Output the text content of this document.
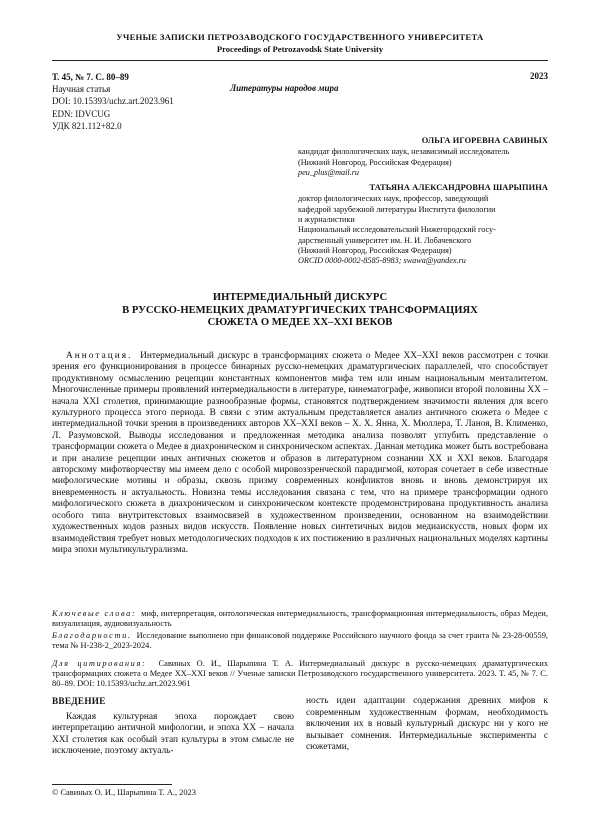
УЧЕНЫЕ ЗАПИСКИ ПЕТРОЗАВОДСКОГО ГОСУДАРСТВЕННОГО УНИВЕРСИТЕТА
Proceedings of Petrozavodsk State University
Т. 45, № 7. С. 80–89
Научная статья
DOI: 10.15393/uchz.art.2023.961
EDN: IDVCUG
УДК 821.112+82.0
2023
Литературы народов мира
ОЛЬГА ИГОРЕВНА САВИНЫХ
кандидат филологических наук, независимый исследователь
(Нижний Новгород, Российская Федерация)
peu_plus@mail.ru
ТАТЬЯНА АЛЕКСАНДРОВНА ШАРЫПИНА
доктор филологических наук, профессор, заведующий
кафедрой зарубежной литературы Института филологии
и журналистики
Национальный исследовательский Нижегородский госу-
дарственный университет им. Н. И. Лобачевского
(Нижний Новгород, Российская Федерация)
ORCID 0000-0002-8585-8983; swawa@yandex.ru
ИНТЕРМЕДИАЛЬНЫЙ ДИСКУРС
В РУССКО-НЕМЕЦКИХ ДРАМАТУРГИЧЕСКИХ ТРАНСФОРМАЦИЯХ
СЮЖЕТА О МЕДЕЕ XX–XXI ВЕКОВ

Аннотация. Интермедиальный дискурс в трансформациях сюжета о Медее XX–XXI веков рассмотрен с точки зрения его функционирования в процессе бинарных русско-немецких драматургических параллелей, что способствует продуктивному осмыслению рецепции константных компонентов мифа тем или иным национальным менталитетом. Многочисленные примеры проявлений интермедиальности в литературе, кинематографе, живописи второй половины XX – начала XXI столетия, принимающие разнообразные формы, становятся подтверждением значимости явления для всего культурного процесса этого периода. В связи с этим актуальным представляется анализ античного сюжета о Медее с интермедиальной точки зрения в произведениях авторов XX–XXI веков – Х. Х. Янна, Х. Мюллера, Т. Ланоя, В. Клименко, Л. Разумовской. Выводы исследования и предложенная методика анализа позволят углубить представление о трансформации сюжета о Медее в диахроническом и синхроническом аспектах. Данная методика может быть востребована и при анализе рецепции иных античных сюжетов и образов в литературном сознании XX и XXI веков. Благодаря авторскому мифотворчеству мы имеем дело с особой мировоззренческой парадигмой, которая сочетает в себе известные мифологические мотивы и образы, сквозь призму современных конфликтов вновь и вновь демонстрируя их вневременность и актуальность. Новизна темы исследования связана с тем, что на примере трансформации одного мифологического сюжета в диахроническом и синхроническом контексте продемонстрирована продуктивность анализа особого типа внутритекстовых взаимосвязей в художественном произведении, основанном на взаимодействии художественных кодов разных видов искусств. Появление новых синтетичных видов медиаискусств, новых форм их взаимодействия требует новых методологических подходов к их постижению в различных национальных моделях картины мира эпохи мультикультурализма.

Ключевые слова: миф, интерпретация, онтологическая интермедиальность, трансформационная интермедиальность, образ Медеи, визуализация, аудиовизуальность
Благодарности. Исследование выполнено при финансовой поддержке Российского научного фонда за счет гранта № 23-28-00559, тема № Н-238-2_2023-2024.
Для цитирования: Савиных О. И., Шарыпина Т. А. Интермедиальный дискурс в русско-немецких драматургических трансформациях сюжета о Медее XX–XXI веков // Ученые записки Петрозаводского государственного университета. 2023. Т. 45, № 7. С. 80–89. DOI: 10.15393/uchz.art.2023.961
ВВЕДЕНИЕ

Каждая культурная эпоха порождает свою интерпретацию античной мифологии, и эпоха XX – начала XXI столетия как особый этап культуры в этом смысле не исключение, поэтому актуаль-

ность идеи адаптации содержания древних мифов к современным художественным формам, необходимость включения их в новый культурный дискурс ни у кого не вызывает сомнения. Интермедиальные эксперименты с сюжетами,

© Савиных О. И., Шарыпина Т. А., 2023
